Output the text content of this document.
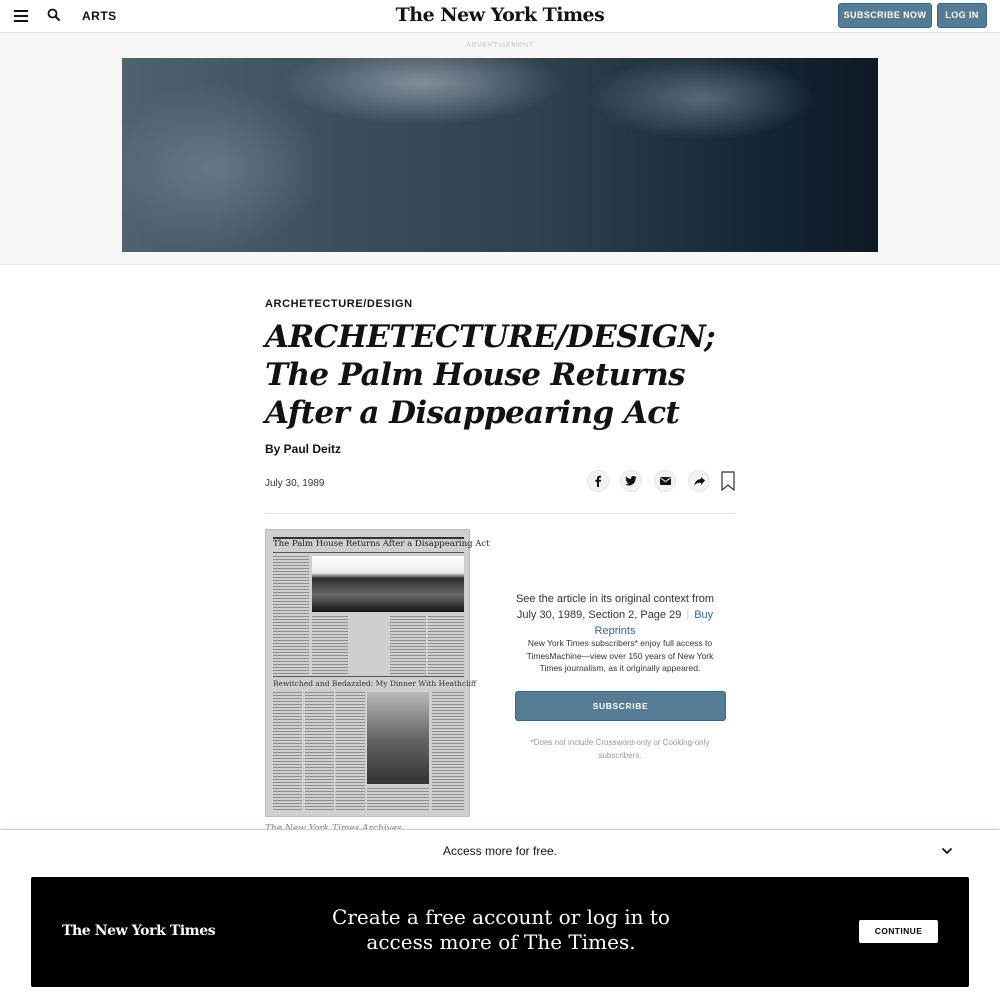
ARTS	The New York Times	SUBSCRIBE NOW	LOG IN
ADVERTISEMENT
ARCHETECTURE/DESIGN
ARCHETECTURE/DESIGN; The Palm House Returns After a Disappearing Act
By Paul Deitz
July 30, 1989
The Palm House Returns After a Disappearing Act
Bewitched and Bedazzled: My Dinner With Heathcliff
See the article in its original context from
July 30, 1989, Section 2, Page 29 | Buy Reprints
New York Times subscribers* enjoy full access to TimesMachine—view over 150 years of New York Times journalism, as it originally appeared.
SUBSCRIBE
*Does not include Crossword-only or Cooking-only subscribers.
Access more for free.
The New York Times
Create a free account or log in to access more of The Times.	CONTINUE
